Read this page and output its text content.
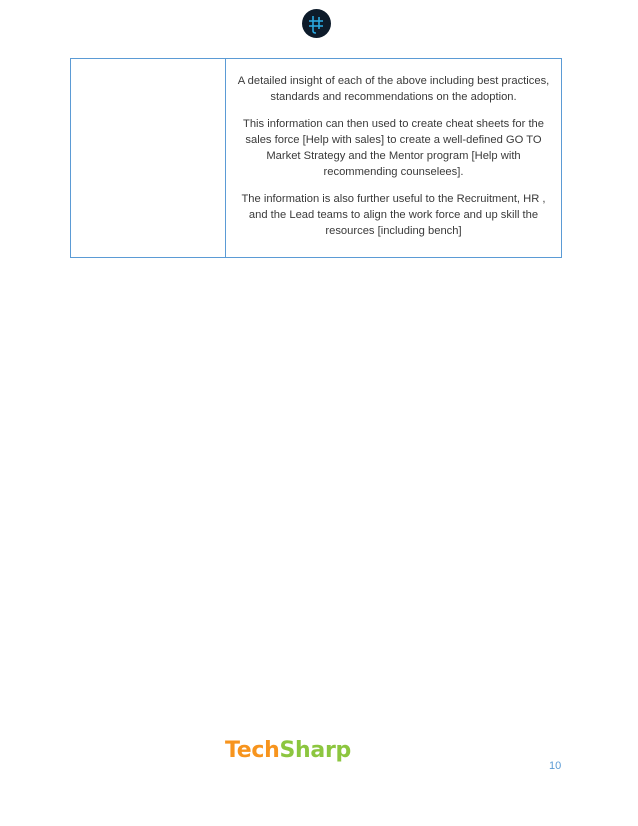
A detailed insight of each of the above including best practices, standards and recommendations on the adoption.

This information can then used to create cheat sheets for the sales force [Help with sales] to create a well-defined GO TO Market Strategy and the Mentor program [Help with recommending counselees].

The information is also further useful to the Recruitment, HR , and the Lead teams to align the work force and up skill the resources [including bench]

TechSharp
10
